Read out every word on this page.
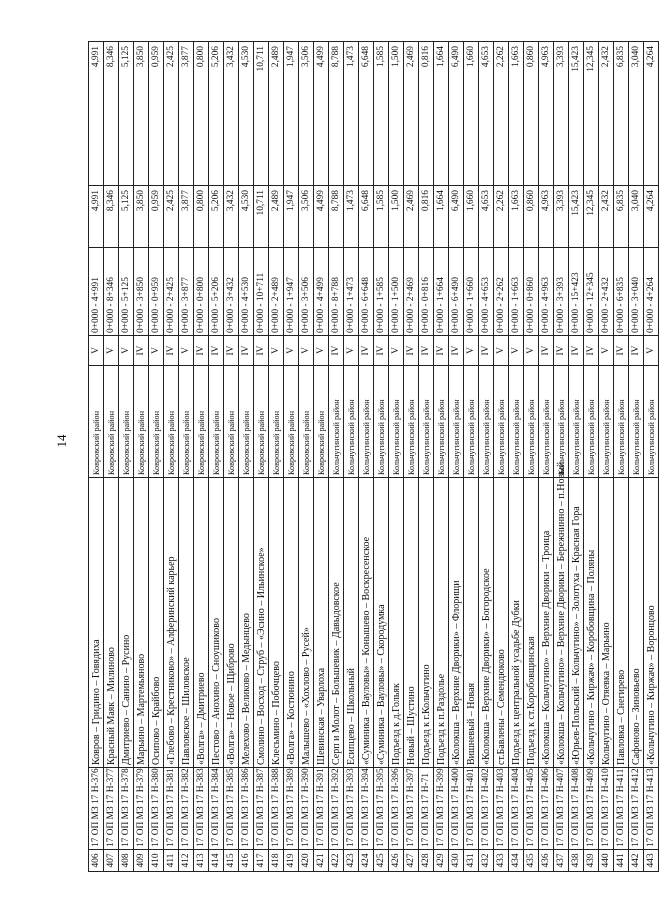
14
406	17 ОП МЗ 17 Н-376	Ковров – Гридино – Говядиха	Ковровский район	V	0+000 - 4+991	4,991	4,991
407	17 ОП МЗ 17 Н-377	Красный Маяк – Милиново	Ковровский район	V	0+000 - 8+346	8,346	8,346
408	17 ОП МЗ 17 Н-378	Дмитриево – Санино – Русино	Ковровский район	V	0+000 - 5+125	5,125	5,125
409	17 ОП МЗ 17 Н-379	Марьино – Мартемьяново	Ковровский район	IV	0+000 - 3+850	3,850	3,850
410	17 ОП МЗ 17 Н-380	Осипово – Крайбово	Ковровский район	V	0+000 - 0+959	0,959	0,959
411	17 ОП МЗ 17 Н-381	«Глебово – Крестниково» – Алферинский карьер	Ковровский район	IV	0+000 - 2+425	2,425	2,425
412	17 ОП МЗ 17 Н-382	Павловское – Шиловское	Ковровский район	V	0+000 - 3+877	3,877	3,877
413	17 ОП МЗ 17 Н-383	«Волга» – Дмитриево	Ковровский район	IV	0+000 - 0+800	0,800	0,800
414	17 ОП МЗ 17 Н-384	Пестово – Анохино – Сноушиково	Ковровский район	IV	0+000 - 5+206	5,206	5,206
415	17 ОП МЗ 17 Н-385	«Волга» – Новое – Щиброво	Ковровский район	IV	0+000 - 3+432	3,432	3,432
416	17 ОП МЗ 17 Н-386	Мелехово – Великово – Медынцево	Ковровский район	IV	0+000 - 4+530	4,530	4,530
417	17 ОП МЗ 17 Н-387	Смолино – Восход – Струб – «Эсино – Ильинское»	Ковровский район	IV	0+000 - 10+711	10,711	10,711
418	17 ОП МЗ 17 Н-388	Клесьмино – Побочцево	Ковровский район	V	0+000 - 2+489	2,489	2,489
419	17 ОП МЗ 17 Н-389	«Волга» – Костюнино	Ковровский район	V	0+000 - 1+947	1,947	1,947
420	17 ОП МЗ 17 Н-390	Малышево – «Хохлово – Русей»	Ковровский район	V	0+000 - 3+506	3,506	3,506
421	17 ОП МЗ 17 Н-391	Шевинская – Уварлоха	Ковровский район	V	0+000 - 4+499	4,499	4,499
422	17 ОП МЗ 17 Н-392	Серп и Молот – Большевик – Давыдовское	Кольчугинский район	IV	0+000 - 8+788	8,788	8,788
423	17 ОП МЗ 17 Н-393	Есипцево – Школьный	Кольчугинский район	V	0+000 - 1+473	1,473	1,473
424	17 ОП МЗ 17 Н-394	«Суминика – Вауловы» – Конышево – Воскресенское	Кольчугинский район	IV	0+000 - 6+648	6,648	6,648
425	17 ОП МЗ 17 Н-395	«Суминика – Вауловы» – Скородумка	Кольчугинский район	IV	0+000 - 1+585	1,585	1,585
426	17 ОП МЗ 17 Н-396	Подъезд к д.Гольяк	Кольчугинский район	V	0+000 - 1+500	1,500	1,500
427	17 ОП МЗ 17 Н-397	Новый – Шустино	Кольчугинский район	IV	0+000 - 2+469	2,469	2,469
428	17 ОП МЗ 17 Н-71	Подъезд к г.Кольчугино	Кольчугинский район	IV	0+000 - 0+816	0,816	0,816
429	17 ОП МЗ 17 Н-399	Подъезд к п.Раздолье	Кольчугинский район	IV	0+000 - 1+664	1,664	1,664
430	17 ОП МЗ 17 Н-400	«Колокша – Верхние Дворики» – Флорищи	Кольчугинский район	IV	0+000 - 6+490	6,490	6,490
431	17 ОП МЗ 17 Н-401	Вишневый – Новая	Кольчугинский район	V	0+000 - 1+660	1,660	1,660
432	17 ОП МЗ 17 Н-402	«Колокша – Верхние Дворики» – Богородское	Кольчугинский район	IV	0+000 - 4+653	4,653	4,653
433	17 ОП МЗ 17 Н-403	ст.Бавлены – Семендюково	Кольчугинский район	V	0+000 - 2+262	2,262	2,262
434	17 ОП МЗ 17 Н-404	Подъезд к центральной усадьбе Дубки	Кольчугинский район	V	0+000 - 1+663	1,663	1,663
435	17 ОП МЗ 17 Н-405	Подъезд к ст.Коробовщинская	Кольчугинский район	V	0+000 - 0+860	0,860	0,860
436	17 ОП МЗ 17 Н-406	«Колокша – Кольчугино» – Верхние Дворики – Троица	Кольчугинский район	IV	0+000 - 4+963	4,963	4,963
437	17 ОП МЗ 17 Н-407	«Колокша – Кольчугино» – Верхние Дворики – Бережнинно – п.Новый	Кольчугинский район	IV	0+000 - 3+393	3,393	3,393
438	17 ОП МЗ 17 Н-408	«Юрьев-Польский – Кольчугино» – Золотуха – Красная Гора	Кольчугинский район	IV	0+000 - 15+423	15,423	15,423
439	17 ОП МЗ 17 Н-409	«Кольчугино – Киржач» – Коробовщина – Поляны	Кольчугинский район	IV	0+000 - 12+345	12,345	12,345
440	17 ОП МЗ 17 Н-410	Кольчугино – Отяевка – Марьино	Кольчугинский район	V	0+000 - 2+432	2,432	2,432
441	17 ОП МЗ 17 Н-411	Павловка – Снегирево	Кольчугинский район	IV	0+000 - 6+835	6,835	6,835
442	17 ОП МЗ 17 Н-412	Сафоново – Зиновьево	Кольчугинский район	IV	0+000 - 3+040	3,040	3,040
443	17 ОП МЗ 17 Н-413	«Кольчугино – Киржач» – Воронцово	Кольчугинский район	V	0+000 - 4+264	4,264	4,264
